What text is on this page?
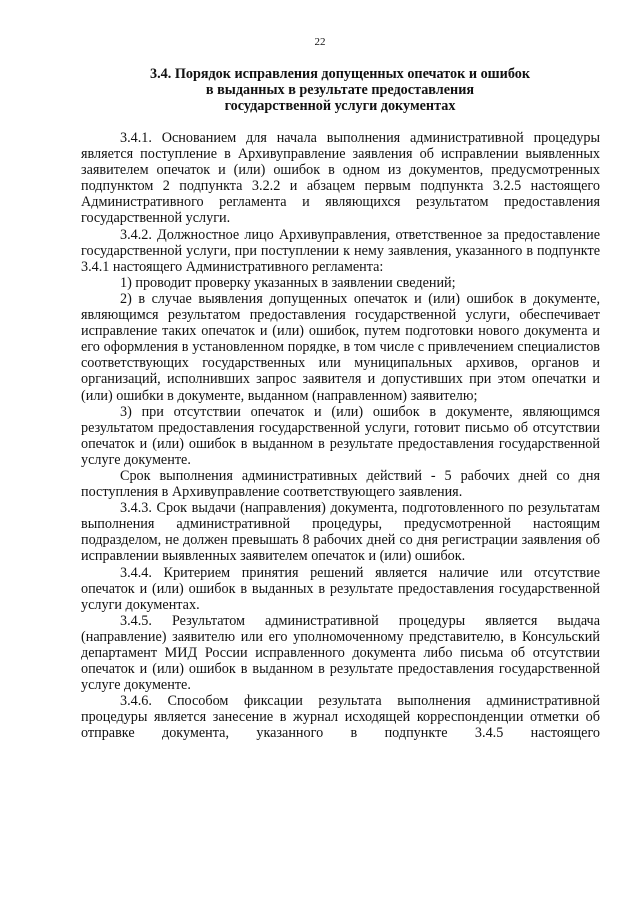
22
3.4. Порядок исправления допущенных опечаток и ошибок
в выданных в результате предоставления
государственной услуги документах

3.4.1. Основанием для начала выполнения административной процедуры является поступление в Архивуправление заявления об исправлении выявленных заявителем опечаток и (или) ошибок в одном из документов, предусмотренных подпунктом 2 подпункта 3.2.2 и абзацем первым подпункта 3.2.5 настоящего Административного регламента и являющихся результатом предоставления государственной услуги.

3.4.2. Должностное лицо Архивуправления, ответственное за предоставление государственной услуги, при поступлении к нему заявления, указанного в подпункте 3.4.1 настоящего Административного регламента:

1) проводит проверку указанных в заявлении сведений;

2) в случае выявления допущенных опечаток и (или) ошибок в документе, являющимся результатом предоставления государственной услуги, обеспечивает исправление таких опечаток и (или) ошибок, путем подготовки нового документа и его оформления в установленном порядке, в том числе с привлечением специалистов соответствующих государственных или муниципальных архивов, органов и организаций, исполнивших запрос заявителя и допустивших при этом опечатки и (или) ошибки в документе, выданном (направленном) заявителю;

3) при отсутствии опечаток и (или) ошибок в документе, являющимся результатом предоставления государственной услуги, готовит письмо об отсутствии опечаток и (или) ошибок в выданном в результате предоставления государственной услуге документе.

Срок выполнения административных действий - 5 рабочих дней со дня поступления в Архивуправление соответствующего заявления.

3.4.3. Срок выдачи (направления) документа, подготовленного по результатам выполнения административной процедуры, предусмотренной настоящим подразделом, не должен превышать 8 рабочих дней со дня регистрации заявления об исправлении выявленных заявителем опечаток и (или) ошибок.

3.4.4. Критерием принятия решений является наличие или отсутствие опечаток и (или) ошибок в выданных в результате предоставления государственной услуги документах.

3.4.5. Результатом административной процедуры является выдача (направление) заявителю или его уполномоченному представителю, в Консульский департамент МИД России исправленного документа либо письма об отсутствии опечаток и (или) ошибок в выданном в результате предоставления государственной услуге документе.

3.4.6. Способом фиксации результата выполнения административной процедуры является занесение в журнал исходящей корреспонденции отметки об отправке документа, указанного в подпункте 3.4.5 настоящего
